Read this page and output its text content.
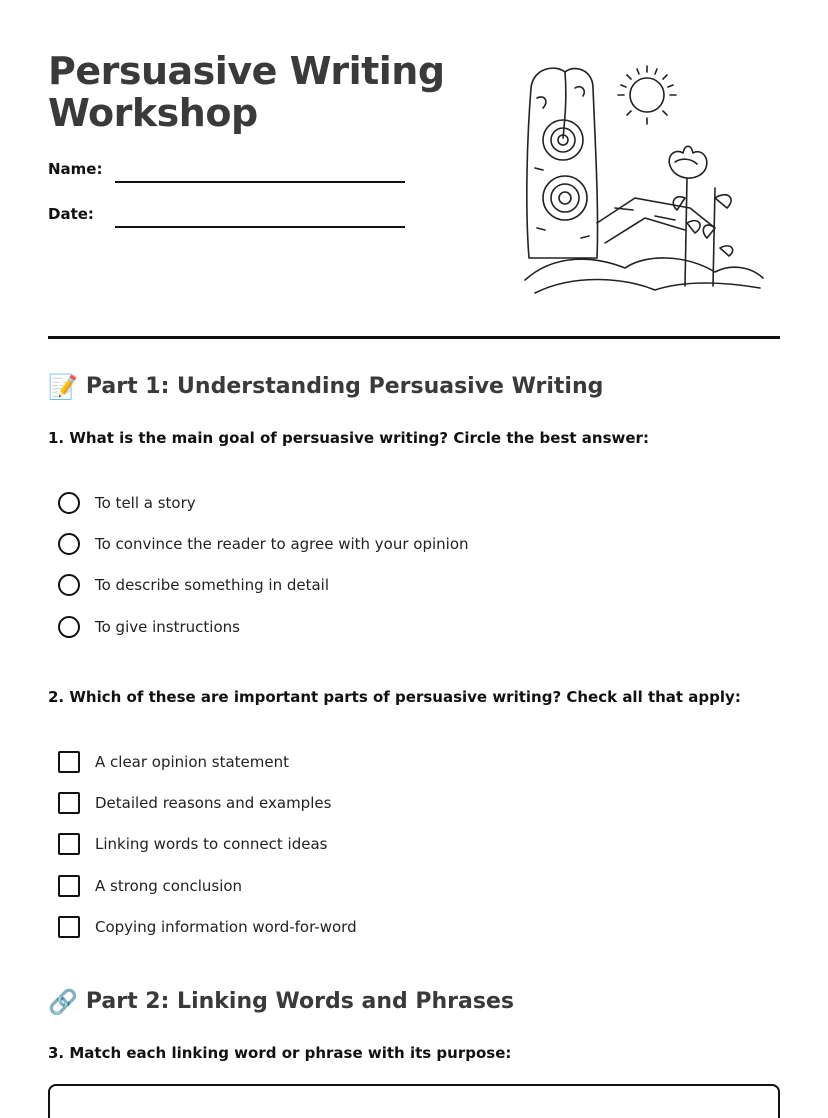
Persuasive Writing
Workshop
Name:
Date:
📝 Part 1: Understanding Persuasive Writing
1. What is the main goal of persuasive writing? Circle the best answer:
To tell a story
To convince the reader to agree with your opinion
To describe something in detail
To give instructions
2. Which of these are important parts of persuasive writing? Check all that apply:
A clear opinion statement
Detailed reasons and examples
Linking words to connect ideas
A strong conclusion
Copying information word-for-word
🔗 Part 2: Linking Words and Phrases
3. Match each linking word or phrase with its purpose:
